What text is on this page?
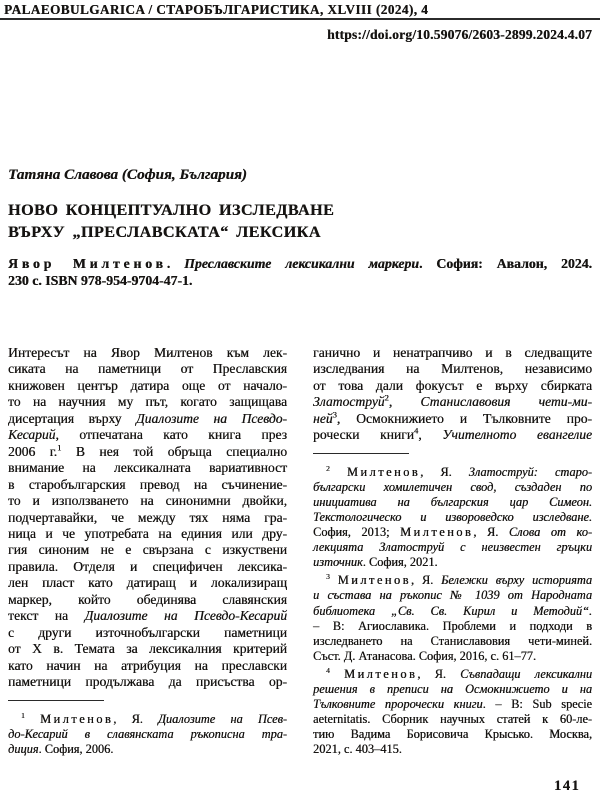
PALAEOBULGARICA / СТАРОБЪЛГАРИСТИКА, XLVIII (2024), 4
https://doi.org/10.59076/2603-2899.2024.4.07
Татяна Славова (София, България)
НОВО КОНЦЕПТУАЛНО ИЗСЛЕДВАНЕ
ВЪРХУ „ПРЕСЛАВСКАТА“ ЛЕКСИКА
Явор Милтенов. Преславските лексикални маркери. София: Авалон, 2024.
230 с. ISBN 978-954-9704-47-1.
Интересът на Явор Милтенов към лек-
сиката на паметници от Преславския
книжовен център датира още от начало-
то на научния му път, когато защищава
дисертация върху Диалозите на Псевдо-
Кесарий, отпечатана като книга през
2006 г.$^1$ В нея той обръща специално
внимание на лексикалната вариативност
в старобългарския превод на съчинение-
то и използването на синонимни двойки,
подчертавайки, че между тях няма гра-
ница и че употребата на единия или дру-
гия синоним не е свързана с изкуствени
правила. Отделя и специфичен лексика-
лен пласт като датиращ и локализиращ
маркер, който обединява славянския
текст на Диалозите на Псевдо-Кесарий
с други източнобългарски паметници
от X в. Темата за лексикалния критерий
като начин на атрибуция на преславски
паметници продължава да присъства ор-
$^1$ Милтенов, Я. Диалозите на Псев-
до-Кесарий в славянската ръкописна тра-
диция. София, 2006.
ганично и ненатрапчиво и в следващите
изследвания на Милтенов, независимо
от това дали фокусът е върху сбирката
Златоструй$^2$, Станиславовия чети-ми-
ней$^3$, Осмокнижието и Тълковните про-
рочески книги$^4$, Учителното евангелие
$^2$ Милтенов, Я. Златоструй: старо-
български хомилетичен свод, създаден по
инициатива на българския цар Симеон.
Текстологическо и извороведско изследване.
София, 2013; Милтенов, Я. Слова от ко-
лекцията Златоструй с неизвестен гръцки
източник. София, 2021.
$^3$ Милтенов, Я. Бележки върху историята
и състава на ръкопис № 1039 от Народната
библиотека „Св. Св. Кирил и Методий“.
– В: Агиославика. Проблеми и подходи в
изследването на Станиславовия чети-миней.
Съст. Д. Атанасова. София, 2016, с. 61–77.
$^4$ Милтенов, Я. Съвпадащи лексикални
решения в преписи на Осмокнижието и на
Тълковните пророчески книги. – В: Sub specie
aeternitatis. Сборник научных статей к 60-ле-
тию Вадима Борисовича Крысько. Москва,
2021, с. 403–415.
141
